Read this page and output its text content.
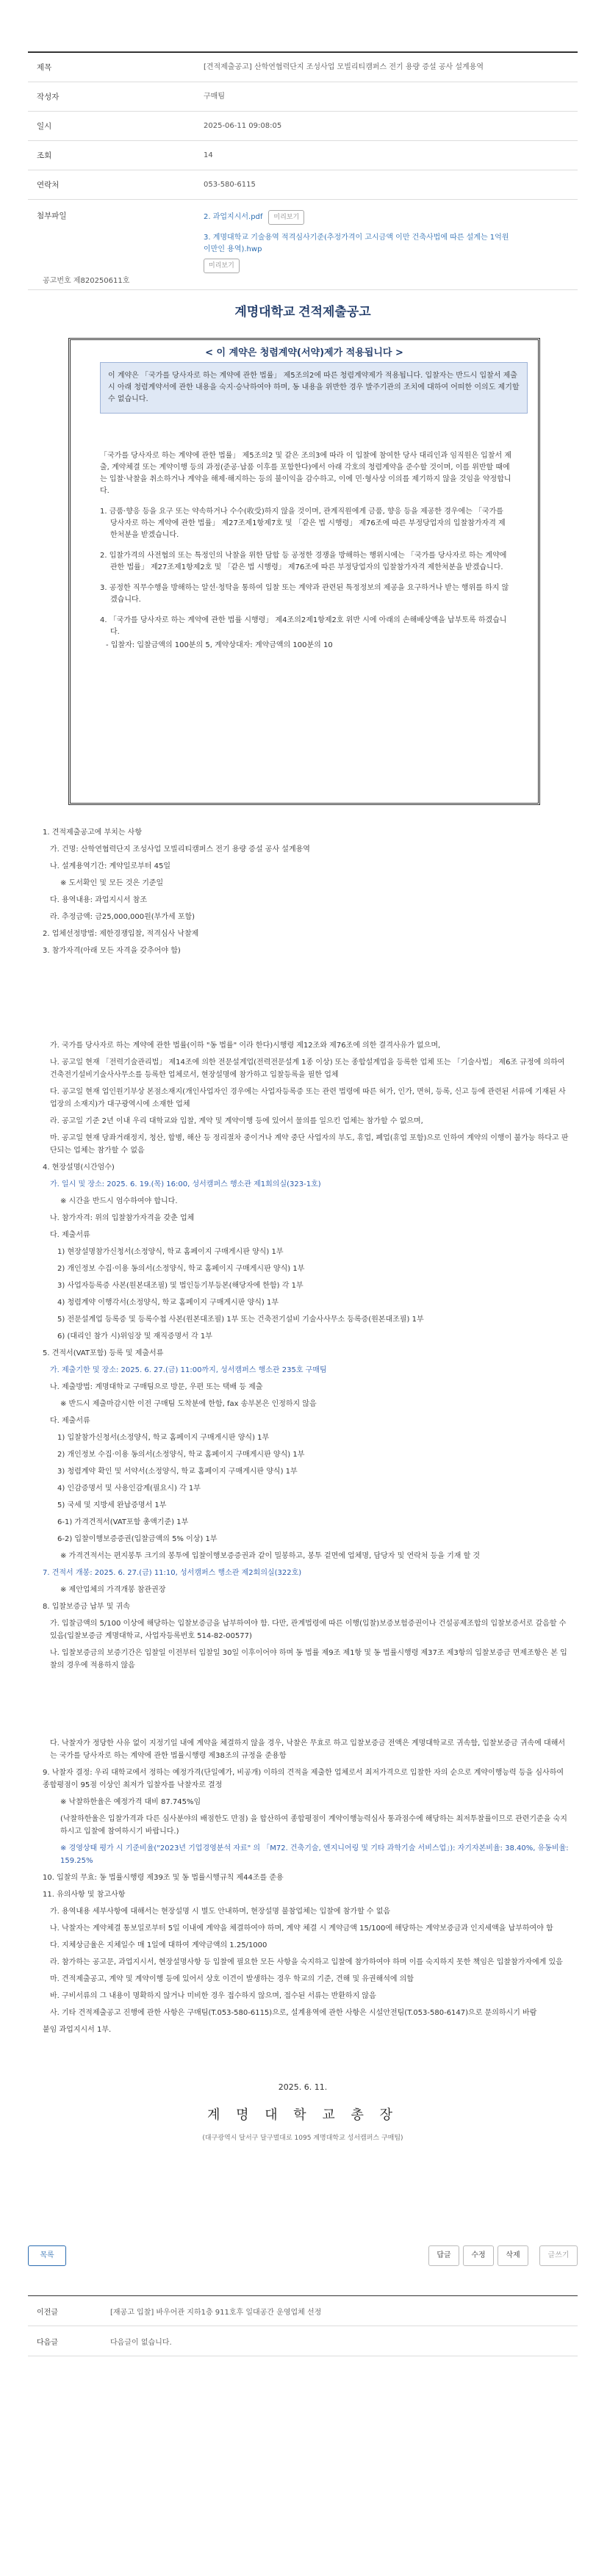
제목	[견적제출공고] 산학연협력단지 조성사업 모빌리티캠퍼스 전기 용량 증설 공사 설계용역
작성자	구매팀
일시	2025-06-11 09:08:05
조회	14
연락처	053-580-6115
첨부파일	2. 과업지시서.pdf	미리보기
3. 계명대학교 기술용역 적격심사기준(추정가격이 고시금액 이만 건축사법에 따른 설계는 1억원 이만인 용역).hwp
미리보기
공고번호 제820250611호
계명대학교 견적제출공고
< 이 계약은 청렴계약(서약)제가 적용됩니다 >
이 계약은 「국가를 당사자로 하는 계약에 관한 법률」 제5조의2에 따른 청렴계약제가 적용됩니다. 입찰자는 반드시 입찰서 제출시 아래 청렴계약서에 관한 내용을 숙지·승낙하여야 하며, 동 내용을 위반한 경우 발주기관의 조치에 대하여 어떠한 이의도 제기할 수 없습니다.

「국가를 당사자로 하는 계약에 관한 법률」 제5조의2 및 같은 조의3에 따라 이 입찰에 참여한 당사 대리인과 임직원은 입찰서 제출, 계약체결 또는 계약이행 등의 과정(준공·납품 이후를 포함한다)에서 아래 각호의 청렴계약을 준수할 것이며, 이를 위반할 때에는 입찰·낙찰을 취소하거나 계약을 해제·해지하는 등의 불이익을 감수하고, 이에 민·형사상 이의를 제기하지 않을 것임을 약정합니다.

1. 금품·향응 등을 요구 또는 약속하거나 수수(收受)하지 않을 것이며, 관계직원에게 금품, 향응 등을 제공한 경우에는 「국가를 당사자로 하는 계약에 관한 법률」 제27조제1항제7호 및 「같은 법 시행령」 제76조에 따른 부정당업자의 입찰참가자격 제한처분을 받겠습니다.

2. 입찰가격의 사전협의 또는 특정인의 낙찰을 위한 담합 등 공정한 경쟁을 방해하는 행위시에는 「국가를 당사자로 하는 계약에 관한 법률」 제27조제1항제2호 및 「같은 법 시행령」 제76조에 따른 부정당업자의 입찰참가자격 제한처분을 받겠습니다.

3. 공정한 직무수행을 방해하는 알선·청탁을 통하여 입찰 또는 계약과 관련된 특정정보의 제공을 요구하거나 받는 행위를 하지 않겠습니다.

4. 「국가를 당사자로 하는 계약에 관한 법률 시행령」 제4조의2제1항제2호 위반 시에 아래의 손해배상액을 납부토록 하겠습니다.

- 입찰자: 입찰금액의 100분의 5, 계약상대자: 계약금액의 100분의 10

1. 견적제출공고에 부치는 사항

가. 건명: 산학연협력단지 조성사업 모빌리티캠퍼스 전기 용량 증설 공사 설계용역

나. 설계용역기간: 계약일로부터 45일

※ 도서확인 및 모든 것은 기준일

다. 용역내용: 과업지시서 참조

라. 추정금액: 금25,000,000원(부가세 포함)

2. 업체선정방법: 제한경쟁입찰, 적격심사 낙찰제

3. 참가자격(아래 모든 자격을 갖추어야 함)

가. 국가를 당사자로 하는 계약에 관한 법률(이하 "동 법률" 이라 한다)시행령 제12조와 제76조에 의한 결격사유가 없으며,

나. 공고일 현재 「전력기술관리법」 제14조에 의한 전문설계업(전력전문설계 1종 이상) 또는 종합설계업을 등록한 업체 또는 「기술사법」 제6조 규정에 의하여 건축전기설비기술사사무소를 등록한 업체로서, 현장설명에 참가하고 입찰등록을 필한 업체

다. 공고일 현재 업인원기부상 본점소재지(개인사업자인 경우에는 사업자등록증 또는 관련 법령에 따른 허가, 인가, 면허, 등록, 신고 등에 관련된 서류에 기재된 사업장의 소재지)가 대구광역시에 소재한 업체

라. 공고일 기준 2년 이내 우리 대학교와 입찰, 계약 및 계약이행 등에 있어서 물의를 일으킨 업체는 참가할 수 없으며,

마. 공고일 현재 당좌거래정지, 청산, 합병, 해산 등 정리절차 중이거나 계약 중단 사업자의 부도, 휴업, 폐업(휴업 포함)으로 인하여 계약의 이행이 불가능 하다고 판단되는 업체는 참가할 수 없음

4. 현장설명(시간엄수)

가. 일시 및 장소: 2025. 6. 19.(목) 16:00, 성서캠퍼스 행소관 제1회의실(323-1호)

※ 시간을 반드시 엄수하여야 합니다.

나. 참가자격: 위의 입찰참가자격을 갖춘 업체

다. 제출서류

1) 현장설명참가신청서(소정양식, 학교 홈페이지 구매게시판 양식) 1부

2) 개인정보 수집·이용 동의서(소정양식, 학교 홈페이지 구매게시판 양식) 1부

3) 사업자등록증 사본(원본대조필) 및 법인등기부등본(해당자에 한함) 각 1부

4) 청렴계약 이행각서(소정양식, 학교 홈페이지 구매게시판 양식) 1부

5) 전문설계업 등록증 및 등록수첩 사본(원본대조필) 1부 또는 건축전기설비 기술사사무소 등록증(원본대조필) 1부

6) (대리인 참가 시)위임장 및 재직증명서 각 1부

5. 견적서(VAT포함) 등록 및 제출서류

가. 제출기한 및 장소: 2025. 6. 27.(금) 11:00까지, 성서캠퍼스 행소관 235호 구매팀

나. 제출방법: 계명대학교 구매팀으로 방문, 우편 또는 택배 등 제출

※ 반드시 제출마감시한 이전 구매팀 도착분에 한함, fax 송부본은 인정하지 않음

다. 제출서류

1) 입찰참가신청서(소정양식, 학교 홈페이지 구매게시판 양식) 1부

2) 개인정보 수집·이용 동의서(소정양식, 학교 홈페이지 구매게시판 양식) 1부

3) 청렴계약 확인 및 서약서(소정양식, 학교 홈페이지 구매게시판 양식) 1부

4) 인감증명서 및 사용인감계(필요시) 각 1부

5) 국세 및 지방세 완납증명서 1부

6-1) 가격견적서(VAT포함 총액기준) 1부

6-2) 입찰이행보증증권(입찰금액의 5% 이상) 1부

※ 가격견적서는 편지봉투 크기의 봉투에 입찰이행보증증권과 같이 밀봉하고, 봉투 겉면에 업체명, 담당자 및 연락처 등을 기재 할 것

7. 견적서 개봉: 2025. 6. 27.(금) 11:10, 성서캠퍼스 행소관 제2회의실(322호)

※ 제안업체의 가격개봉 참관권장

8. 입찰보증금 납부 및 귀속

가. 입찰금액의 5/100 이상에 해당하는 입찰보증금을 납부하여야 함. 다만, 관계법령에 따른 이행(입찰)보증보험증권이나 건설공제조합의 입찰보증서로 갈음할 수 있음(입찰보증금 계명대학교, 사업자등록번호 514-82-00577)

나. 입찰보증금의 보증기간은 입찰일 이전부터 입찰일 30일 이후이어야 하며 동 법률 제9조 제1항 및 동 법률시행령 제37조 제3항의 입찰보증금 면제조항은 본 입찰의 경우에 적용하지 않음

다. 낙찰자가 정당한 사유 없이 지정기일 내에 계약을 체결하지 않을 경우, 낙찰은 무효로 하고 입찰보증금 전액은 계명대학교로 귀속함, 입찰보증금 귀속에 대해서는 국가를 당사자로 하는 계약에 관한 법률시행령 제38조의 규정을 준용함

9. 낙찰자 결정: 우리 대학교에서 정하는 예정가격(단일예가, 비공개) 이하의 견적을 제출한 업체로서 최저가격으로 입찰한 자의 순으로 계약이행능력 등을 심사하여 종합평점이 95점 이상인 최저가 입찰자를 낙찰자로 결정

※ 낙찰하한율은 예정가격 대비 87.745%임

(낙찰하한율은 입찰가격과 다른 심사분야의 배점한도 만점) 을 합산하여 종합평점이 계약이행능력심사 통과점수에 해당하는 최저투찰률이므로 관련기준을 숙지하시고 입찰에 참여하시기 바랍니다.)

※ 경영상태 평가 시 기준비율("2023년 기업경영분석 자료" 의 「M72. 건축기술, 엔지니어링 및 기타 과학기술 서비스업」): 자기자본비율: 38.40%, 유동비율: 159.25%

10. 입찰의 무효: 동 법률시행령 제39조 및 동 법률시행규칙 제44조를 준용

11. 유의사항 및 참고사항

가. 용역내용 세부사항에 대해서는 현장설명 시 별도 안내하며, 현장설명 불참업체는 입찰에 참가할 수 없음

나. 낙찰자는 계약체결 통보일로부터 5일 이내에 계약을 체결하여야 하며, 계약 체결 시 계약금액 15/100에 해당하는 계약보증금과 인지세액을 납부하여야 함

다. 지체상금율은 지체일수 매 1일에 대하여 계약금액의 1.25/1000

라. 참가하는 공고문, 과업지시서, 현장설명사항 등 입찰에 필요한 모든 사항을 숙지하고 입찰에 참가하여야 하며 이를 숙지하지 못한 책임은 입찰참가자에게 있음

마. 견적제출공고, 계약 및 계약이행 등에 있어서 상호 이견이 발생하는 경우 학교의 기준, 견해 및 유권해석에 의함

바. 구비서류의 그 내용이 명확하지 않거나 미비한 경우 접수하지 않으며, 접수된 서류는 반환하지 않음

사. 기타 견적제출공고 진행에 관한 사항은 구매팀(T.053-580-6115)으로, 설계용역에 관한 사항은 시설안전팀(T.053-580-6147)으로 문의하시기 바람

붙임 과업지시서 1부.
2025. 6. 11.
계 명 대 학 교 총 장
(대구광역시 달서구 달구벌대로 1095 계명대학교 성서캠퍼스 구매팀)
목록	답글	수정	삭제	글쓰기
이전글	[재공고 입찰] 바우어관 지하1층 911호후 일대공간 운영업체 선정
다음글	다음글이 없습니다.
